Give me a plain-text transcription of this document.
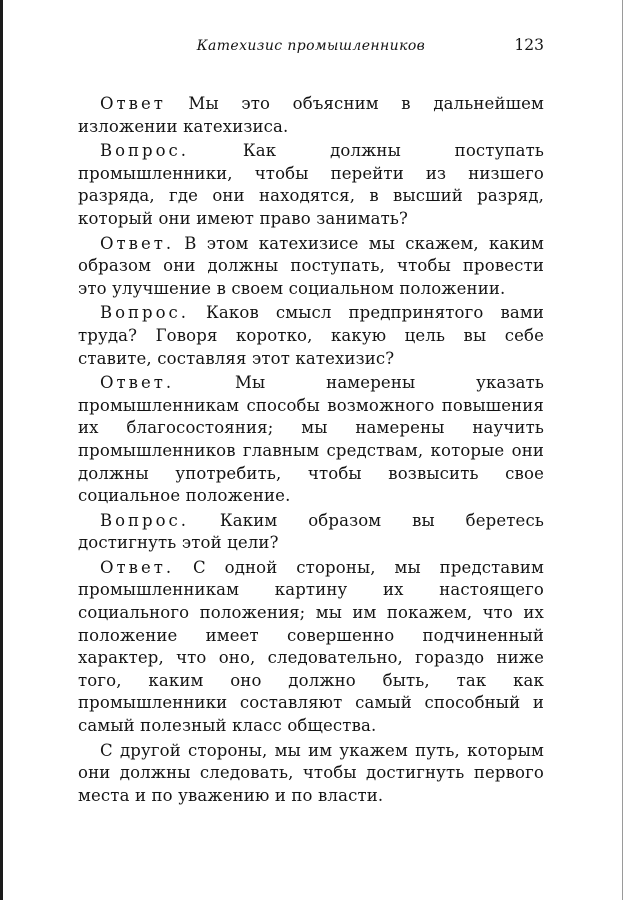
Катехизис промышленников	123

Ответ Мы это объясним в дальнейшем изложении катехизиса.

Вопрос. Как должны поступать промышленники, чтобы перейти из низшего разряда, где они находятся, в высший разряд, который они имеют право занимать?

Ответ. В этом катехизисе мы скажем, каким образом они должны поступать, чтобы провести это улучшение в своем социальном положении.

Вопрос. Каков смысл предпринятого вами труда? Говоря коротко, какую цель вы себе ставите, составляя этот катехизис?

Ответ. Мы намерены указать промышленникам способы возможного повышения их благосостояния; мы намерены научить промышленников главным средствам, которые они должны употребить, чтобы возвысить свое социальное положение.

Вопрос. Каким образом вы беретесь достигнуть этой цели?

Ответ. С одной стороны, мы представим промышленникам картину их настоящего социального положения; мы им покажем, что их положение имеет совершенно подчиненный характер, что оно, следовательно, гораздо ниже того, каким оно должно быть, так как промышленники составляют самый способный и самый полезный класс общества.

С другой стороны, мы им укажем путь, которым они должны следовать, чтобы достигнуть первого места и по уважению и по власти.
